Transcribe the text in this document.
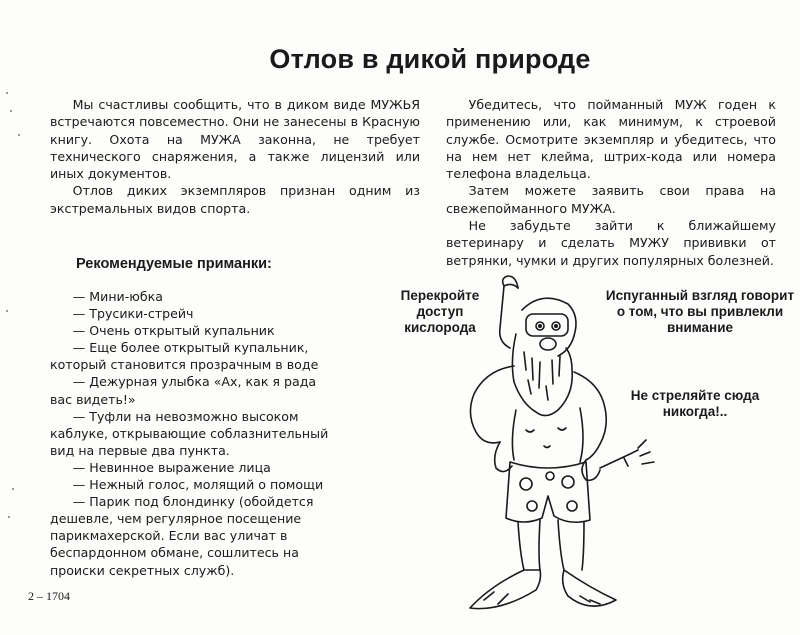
Отлов в дикой природе

Мы счастливы сообщить, что в диком виде МУЖЬЯ встречаются повсеместно. Они не занесены в Красную книгу. Охота на МУЖА законна, не требует технического снаряжения, а также лицензий или иных документов.

Отлов диких экземпляров признан одним из экстремальных видов спорта.

Убедитесь, что пойманный МУЖ годен к применению или, как минимум, к строевой службе. Осмотрите экземпляр и убедитесь, что на нем нет клейма, штрих-кода или номера телефона владельца.

Затем можете заявить свои права на свежепойманного МУЖА.

Не забудьте зайти к ближайшему ветеринару и сделать МУЖУ прививки от ветрянки, чумки и других популярных болезней.

Рекомендуемые приманки:
— Мини-юбка
— Трусики-стрейч
— Очень открытый купальник
— Еще более открытый купальник, который становится прозрачным в воде
— Дежурная улыбка «Ах, как я рада вас видеть!»
— Туфли на невозможно высоком каблуке, открывающие соблазнительный вид на первые два пункта.
— Невинное выражение лица
— Нежный голос, молящий о помощи
— Парик под блондинку (обойдется дешевле, чем регулярное посещение парикмахерской. Если вас уличат в беспардонном обмане, сошлитесь на происки секретных служб).
Перекройте доступ кислорода
Испуганный взгляд говорит о том, что вы привлекли внимание
Не стреляйте сюда никогда!..
2 – 1704
